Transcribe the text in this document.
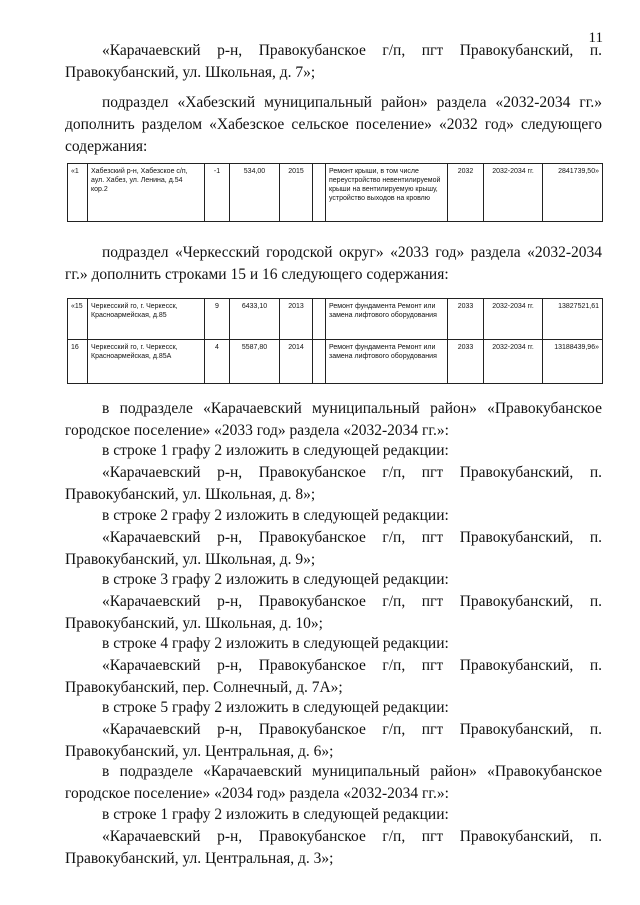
11

«Карачаевский р-н, Правокубанское г/п, пгт Правокубанский, п. Правокубанский, ул. Школьная, д. 7»;

подраздел «Хабезский муниципальный район» раздела «2032-2034 гг.» дополнить разделом «Хабезское сельское поселение» «2032 год» следующего содержания:

«1	Хабезский р-н, Хабезское с/п, аул. Хабез, ул. Ленина, д.54 кор.2	-1	534,00	2015		Ремонт крыши, в том числе переустройство невентилируемой крыши на вентилируемую крышу, устройство выходов на кровлю	2032	2032-2034 гг.	2841739,50»

подраздел «Черкесский городской округ» «2033 год» раздела «2032-2034 гг.» дополнить строками 15 и 16 следующего содержания:

«15	Черкесский го, г. Черкесск, Красноармейская, д.85	9	6433,10	2013		Ремонт фундамента Ремонт или замена лифтового оборудования	2033	2032-2034 гг.	13827521,61
16	Черкесский го, г. Черкесск, Красноармейская, д.85А	4	5587,80	2014		Ремонт фундамента Ремонт или замена лифтового оборудования	2033	2032-2034 гг.	13188439,96»

в подразделе «Карачаевский муниципальный район» «Правокубанское городское поселение» «2033 год» раздела «2032-2034 гг.»:

в строке 1 графу 2 изложить в следующей редакции:

«Карачаевский р-н, Правокубанское г/п, пгт Правокубанский, п. Правокубанский, ул. Школьная, д. 8»;

в строке 2 графу 2 изложить в следующей редакции:

«Карачаевский р-н, Правокубанское г/п, пгт Правокубанский, п. Правокубанский, ул. Школьная, д. 9»;

в строке 3 графу 2 изложить в следующей редакции:

«Карачаевский р-н, Правокубанское г/п, пгт Правокубанский, п. Правокубанский, ул. Школьная, д. 10»;

в строке 4 графу 2 изложить в следующей редакции:

«Карачаевский р-н, Правокубанское г/п, пгт Правокубанский, п. Правокубанский, пер. Солнечный, д. 7А»;

в строке 5 графу 2 изложить в следующей редакции:

«Карачаевский р-н, Правокубанское г/п, пгт Правокубанский, п. Правокубанский, ул. Центральная, д. 6»;

в подразделе «Карачаевский муниципальный район» «Правокубанское городское поселение» «2034 год» раздела «2032-2034 гг.»:

в строке 1 графу 2 изложить в следующей редакции:

«Карачаевский р-н, Правокубанское г/п, пгт Правокубанский, п. Правокубанский, ул. Центральная, д. 3»;
